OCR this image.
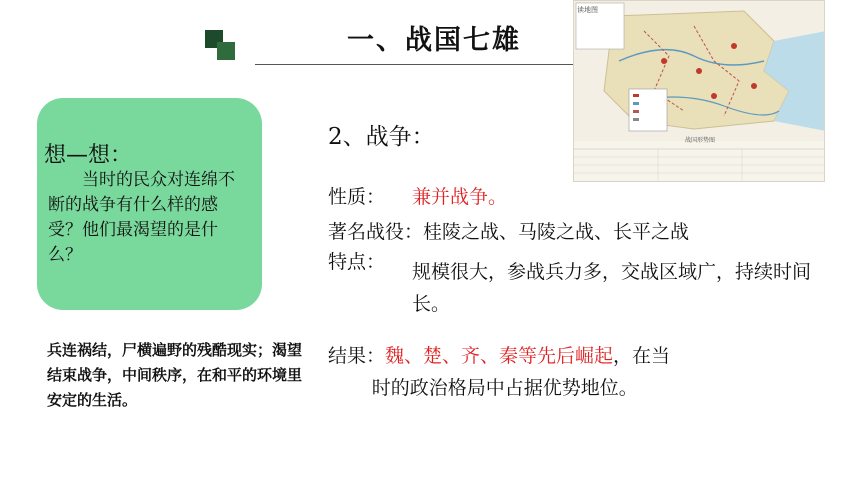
一、战国七雄
读地图
战国形势图
想—想：
当时的民众对连绵不断的战争有什么样的感受？他们最渴望的是什么？
兵连祸结，尸横遍野的残酷现实；渴望结束战争，中间秩序，在和平的环境里安定的生活。
2、战争：
性质： 兼并战争。
著名战役：桂陵之战、马陵之战、长平之战
特点： 规模很大，参战兵力多，交战区域广，持续时间长。
结果：魏、楚、齐、秦等先后崛起，在当
时的政治格局中占据优势地位。
